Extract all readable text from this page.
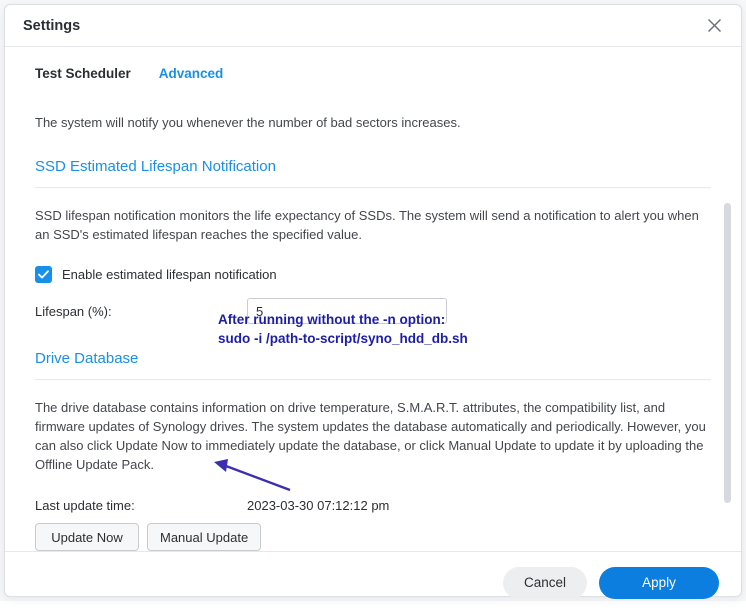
Settings
Test Scheduler Advanced

The system will notify you whenever the number of bad sectors increases.

SSD Estimated Lifespan Notification

SSD lifespan notification monitors the life expectancy of SSDs. The system will send a notification to alert you when an SSD's estimated lifespan reaches the specified value.

Enable estimated lifespan notification
Lifespan (%):
5
Drive Database

The drive database contains information on drive temperature, S.M.A.R.T. attributes, the compatibility list, and firmware updates of Synology drives. The system updates the database automatically and periodically. However, you can also click Update Now to immediately update the database, or click Manual Update to update it by uploading the Offline Update Pack.

Last update time:	2023-03-30 07:12:12 pm
Update Now	Manual Update
Cancel	Apply
After running without the -n option:
sudo -i /path-to-script/syno_hdd_db.sh
